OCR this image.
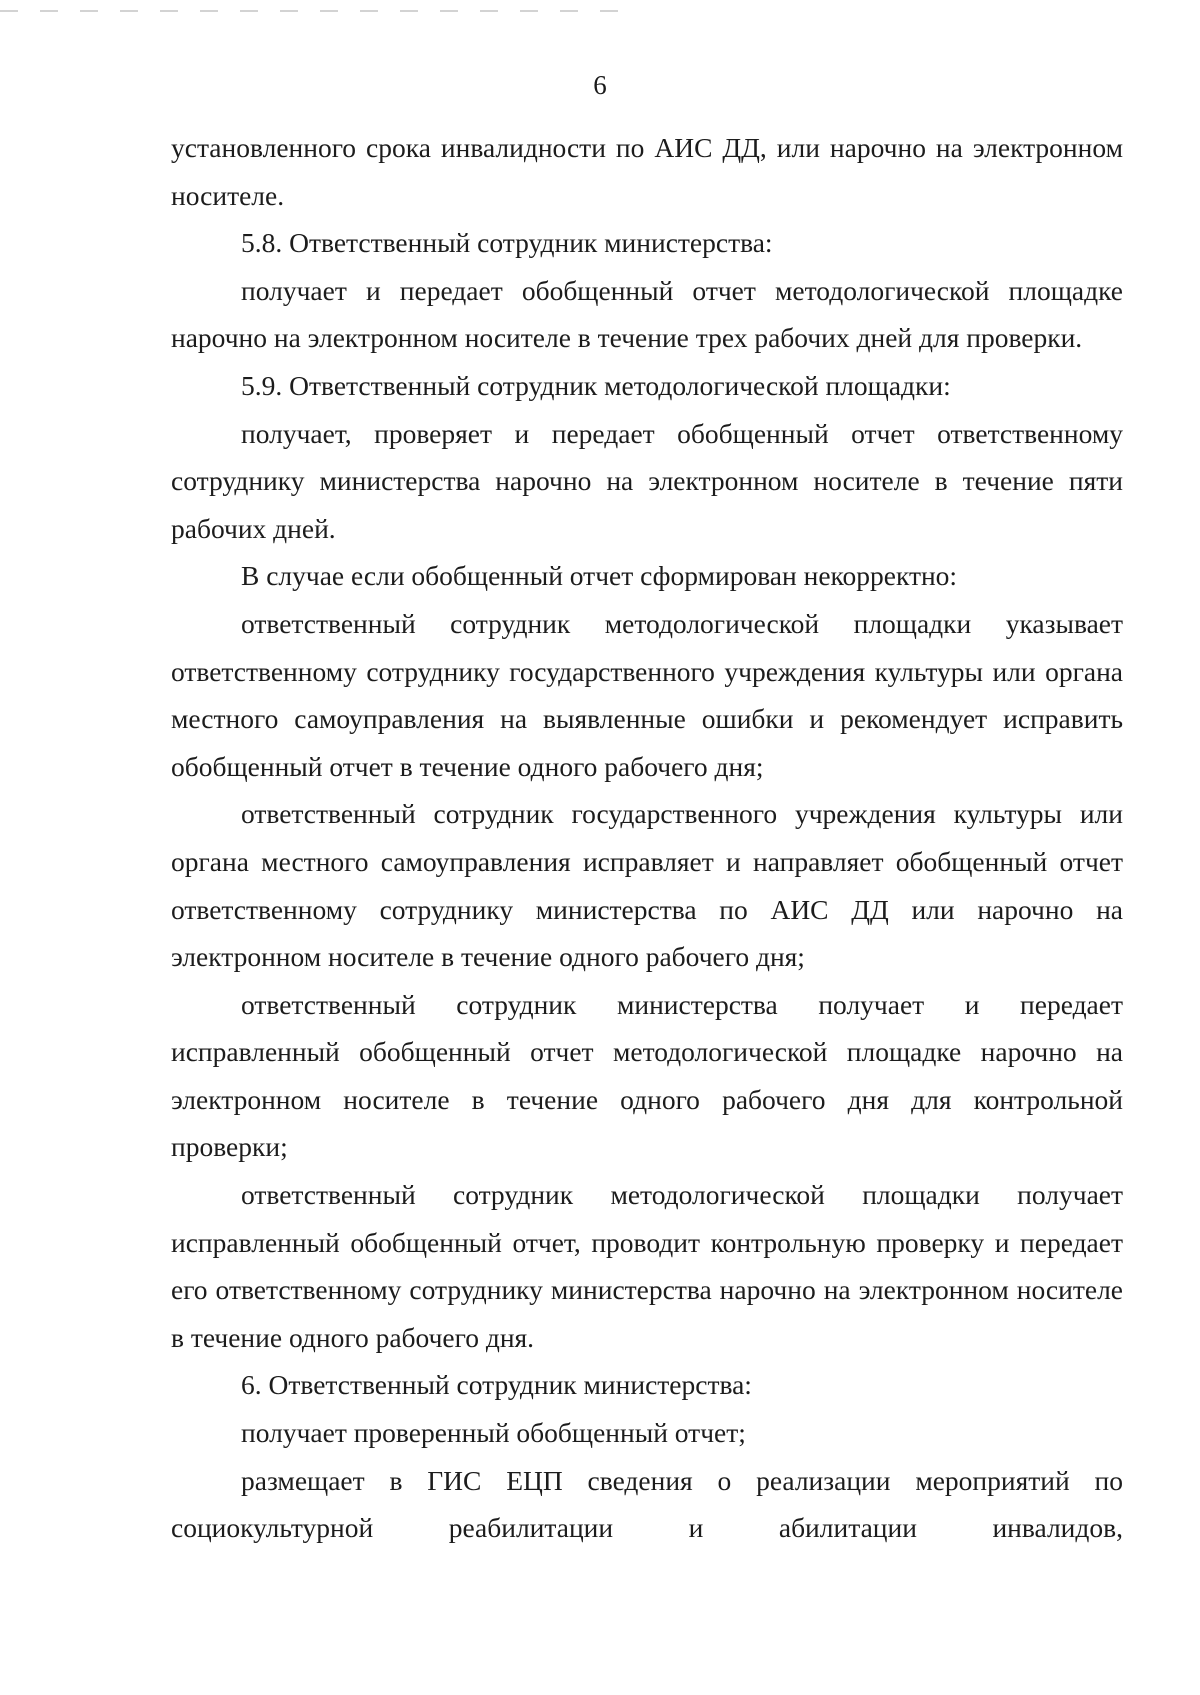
6

установленного срока инвалидности по АИС ДД, или нарочно на электронном носителе.

5.8. Ответственный сотрудник министерства:

получает и передает обобщенный отчет методологической площадке нарочно на электронном носителе в течение трех рабочих дней для проверки.

5.9. Ответственный сотрудник методологической площадки:

получает, проверяет и передает обобщенный отчет ответственному сотруднику министерства нарочно на электронном носителе в течение пяти рабочих дней.

В случае если обобщенный отчет сформирован некорректно:

ответственный сотрудник методологической площадки указывает ответственному сотруднику государственного учреждения культуры или органа местного самоуправления на выявленные ошибки и рекомендует исправить обобщенный отчет в течение одного рабочего дня;

ответственный сотрудник государственного учреждения культуры или органа местного самоуправления исправляет и направляет обобщенный отчет ответственному сотруднику министерства по АИС ДД или нарочно на электронном носителе в течение одного рабочего дня;

ответственный сотрудник министерства получает и передает исправленный обобщенный отчет методологической площадке нарочно на электронном носителе в течение одного рабочего дня для контрольной проверки;

ответственный сотрудник методологической площадки получает исправленный обобщенный отчет, проводит контрольную проверку и передает его ответственному сотруднику министерства нарочно на электронном носителе в течение одного рабочего дня.

6. Ответственный сотрудник министерства:

получает проверенный обобщенный отчет;

размещает в ГИС ЕЦП сведения о реализации мероприятий по социокультурной реабилитации и абилитации инвалидов,
